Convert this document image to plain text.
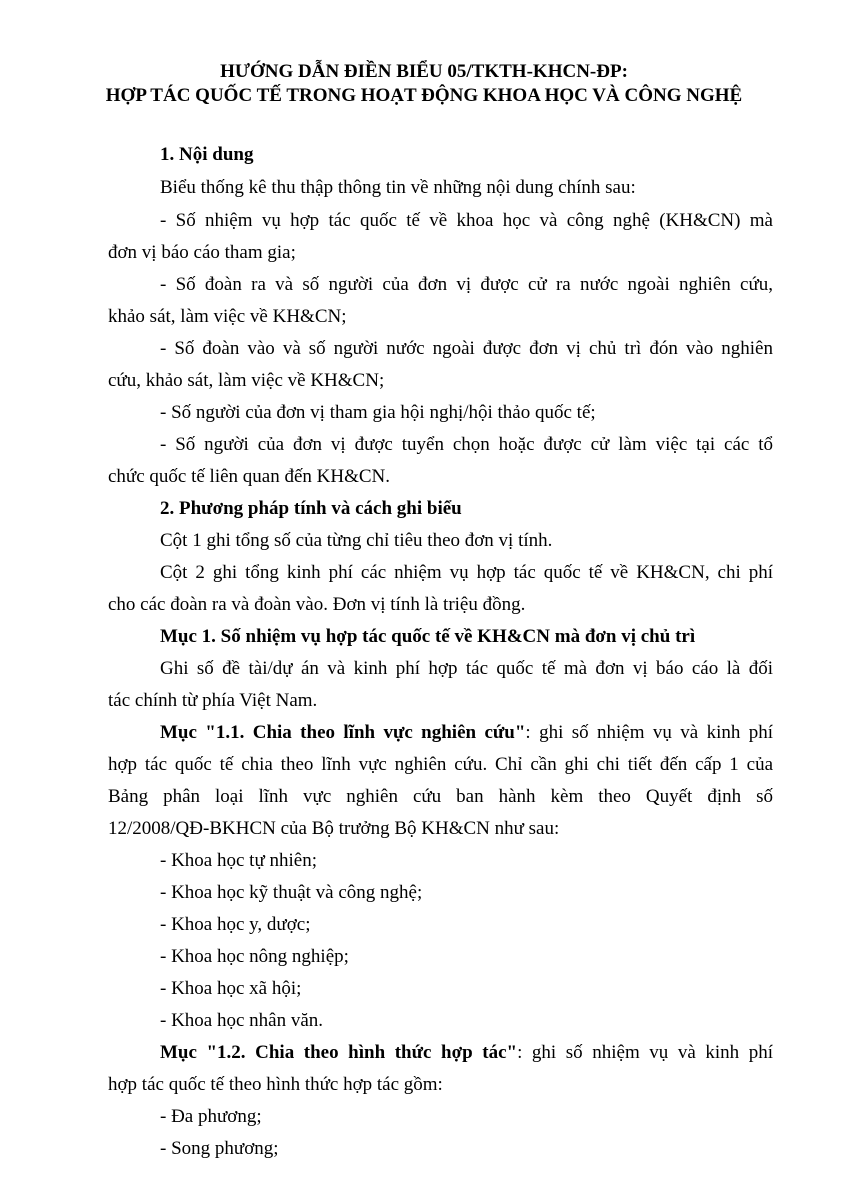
HƯỚNG DẪN ĐIỀN BIỂU 05/TKTH-KHCN-ĐP:
HỢP TÁC QUỐC TẾ TRONG HOẠT ĐỘNG KHOA HỌC VÀ CÔNG NGHỆ
1. Nội dung
Biểu thống kê thu thập thông tin về những nội dung chính sau:
- Số nhiệm vụ hợp tác quốc tế về khoa học và công nghệ (KH&CN) mà
đơn vị báo cáo tham gia;
- Số đoàn ra và số người của đơn vị được cử ra nước ngoài nghiên cứu,
khảo sát, làm việc về KH&CN;
- Số đoàn vào và số người nước ngoài được đơn vị chủ trì đón vào nghiên
cứu, khảo sát, làm việc về KH&CN;
- Số người của đơn vị tham gia hội nghị/hội thảo quốc tế;
- Số người của đơn vị được tuyển chọn hoặc được cử làm việc tại các tổ
chức quốc tế liên quan đến KH&CN.
2. Phương pháp tính và cách ghi biểu
Cột 1 ghi tổng số của từng chỉ tiêu theo đơn vị tính.
Cột 2 ghi tổng kinh phí các nhiệm vụ hợp tác quốc tế về KH&CN, chi phí
cho các đoàn ra và đoàn vào. Đơn vị tính là triệu đồng.
Mục 1. Số nhiệm vụ hợp tác quốc tế về KH&CN mà đơn vị chủ trì
Ghi số đề tài/dự án và kinh phí hợp tác quốc tế mà đơn vị báo cáo là đối
tác chính từ phía Việt Nam.
Mục "1.1. Chia theo lĩnh vực nghiên cứu": ghi số nhiệm vụ và kinh phí
hợp tác quốc tế chia theo lĩnh vực nghiên cứu. Chỉ cần ghi chi tiết đến cấp 1 của
Bảng phân loại lĩnh vực nghiên cứu ban hành kèm theo Quyết định số
12/2008/QĐ-BKHCN của Bộ trưởng Bộ KH&CN như sau:
- Khoa học tự nhiên;
- Khoa học kỹ thuật và công nghệ;
- Khoa học y, dược;
- Khoa học nông nghiệp;
- Khoa học xã hội;
- Khoa học nhân văn.
Mục "1.2. Chia theo hình thức hợp tác": ghi số nhiệm vụ và kinh phí
hợp tác quốc tế theo hình thức hợp tác gồm:
- Đa phương;
- Song phương;
